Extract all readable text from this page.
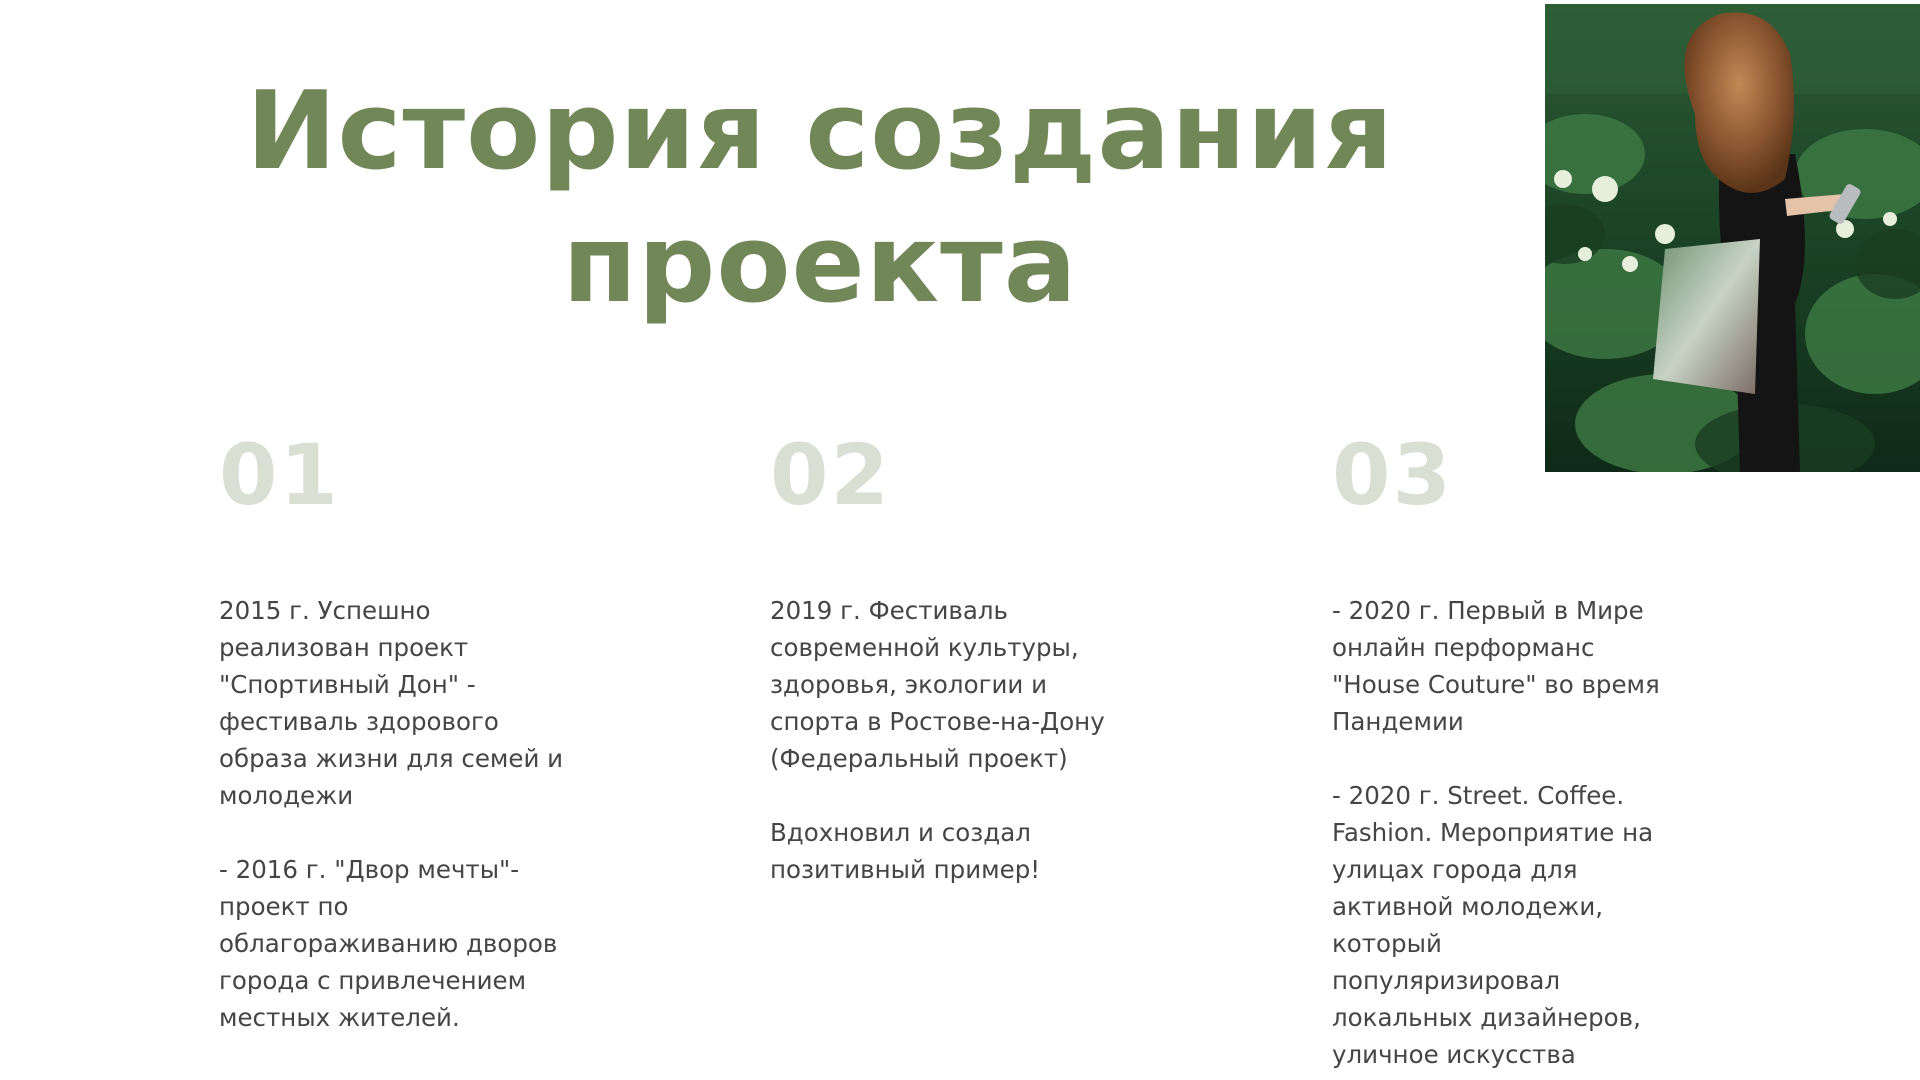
История создания
проекта
01

2015 г. Успешно
реализован проект
"Спортивный Дон" -
фестиваль здорового
образа жизни для семей и
молодежи

- 2016 г. "Двор мечты"-
проект по
облагораживанию дворов
города с привлечением
местных жителей.

02

2019 г. Фестиваль
современной культуры,
здоровья, экологии и
спорта в Ростове-на-Дону
(Федеральный проект)

Вдохновил и создал
позитивный пример!

03

- 2020 г. Первый в Мире
онлайн перформанс
"House Couture" во время
Пандемии

- 2020 г. Street. Coffee.
Fashion. Мероприятие на
улицах города для
активной молодежи,
который
популяризировал
локальных дизайнеров,
уличное искусства
